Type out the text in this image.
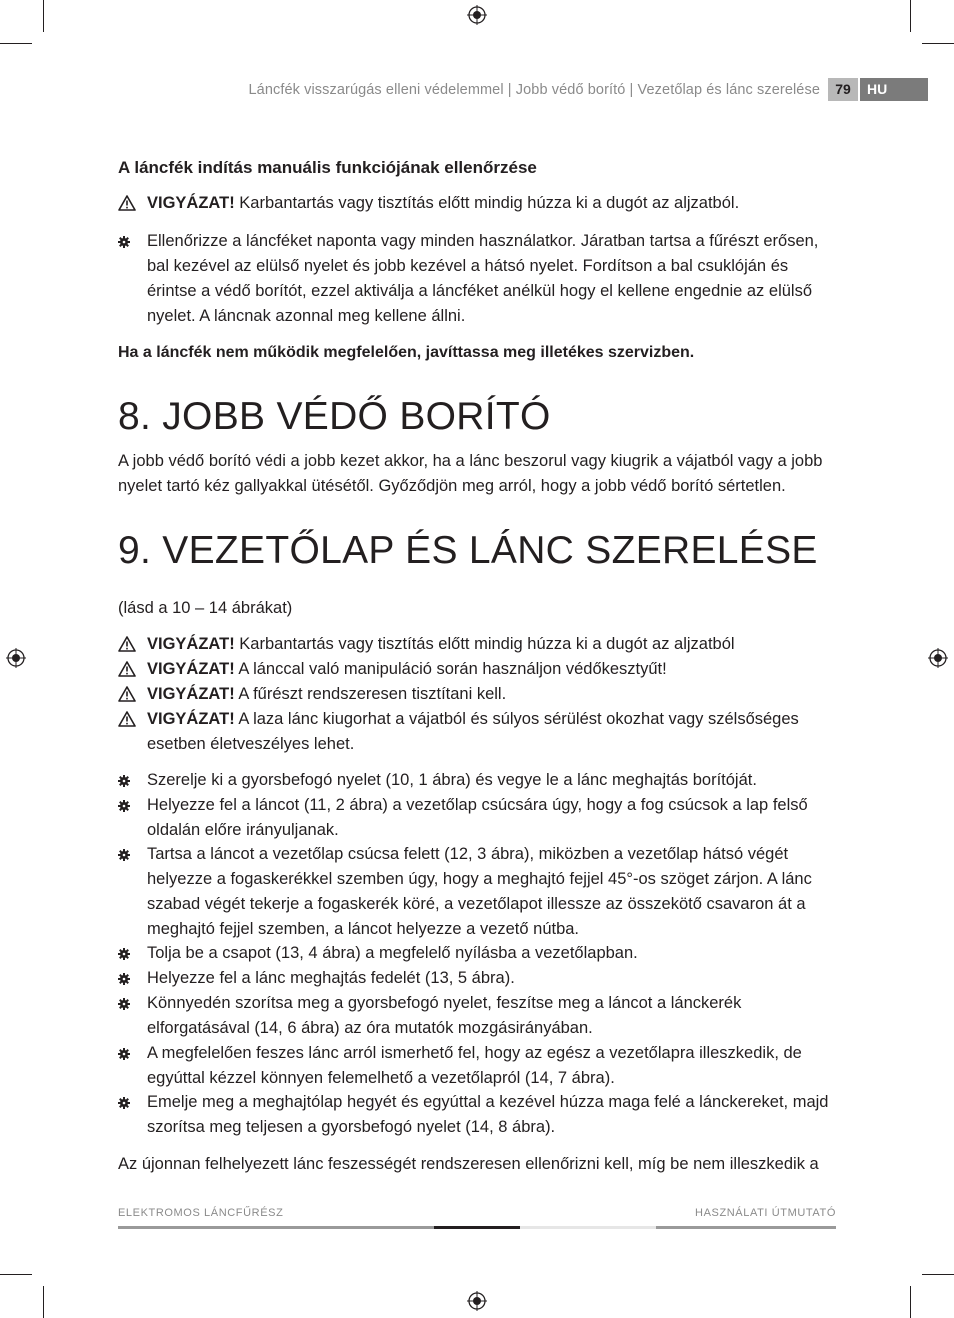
Láncfék visszarúgás elleni védelemmel | Jobb védő borító | Vezetőlap és lánc szerelése	79	HU
A láncfék indítás manuális funkciójának ellenőrzése
VIGYÁZAT! Karbantartás vagy tisztítás előtt mindig húzza ki a dugót az aljzatból.
Ellenőrizze a láncféket naponta vagy minden használatkor. Járatban tartsa a fűrészt erősen, bal kezével az elülső nyelet és jobb kezével a hátsó nyelet. Fordítson a bal csuklóján és érintse a védő borítót, ezzel aktiválja a láncféket anélkül hogy el kellene engednie az elülső nyelet. A láncnak azonnal meg kellene állni.
Ha a láncfék nem működik megfelelően, javíttassa meg illetékes szervizben.
8. JOBB VÉDŐ BORÍTÓ
A jobb védő borító védi a jobb kezet akkor, ha a lánc beszorul vagy kiugrik a vájatból vagy a jobb nyelet tartó kéz gallyakkal ütésétől. Győződjön meg arról, hogy a jobb védő borító sértetlen.
9. VEZETŐLAP ÉS LÁNC SZERELÉSE
(lásd a 10 – 14 ábrákat)
VIGYÁZAT! Karbantartás vagy tisztítás előtt mindig húzza ki a dugót az aljzatból
VIGYÁZAT! A lánccal való manipuláció során használjon védőkesztyűt!
VIGYÁZAT! A fűrészt rendszeresen tisztítani kell.
VIGYÁZAT! A laza lánc kiugorhat a vájatból és súlyos sérülést okozhat vagy szélsőséges esetben életveszélyes lehet.
Szerelje ki a gyorsbefogó nyelet (10, 1 ábra) és vegye le a lánc meghajtás borítóját.
Helyezze fel a láncot (11, 2 ábra) a vezetőlap csúcsára úgy, hogy a fog csúcsok a lap felső oldalán előre irányuljanak.
Tartsa a láncot a vezetőlap csúcsa felett (12, 3 ábra), miközben a vezetőlap hátsó végét helyezze a fogaskerékkel szemben úgy, hogy a meghajtó fejjel 45°-os szöget zárjon. A lánc szabad végét tekerje a fogaskerék köré, a vezetőlapot illessze az összekötő csavaron át a meghajtó fejjel szemben, a láncot helyezze a vezető nútba.
Tolja be a csapot (13, 4 ábra) a megfelelő nyílásba a vezetőlapban.
Helyezze fel a lánc meghajtás fedelét (13, 5 ábra).
Könnyedén szorítsa meg a gyorsbefogó nyelet, feszítse meg a láncot a lánckerék elforgatásával (14, 6 ábra) az óra mutatók mozgásirányában.
A megfelelően feszes lánc arról ismerhető fel, hogy az egész a vezetőlapra illeszkedik, de egyúttal kézzel könnyen felemelhető a vezetőlapról (14, 7 ábra).
Emelje meg a meghajtólap hegyét és egyúttal a kezével húzza maga felé a lánckereket, majd szorítsa meg teljesen a gyorsbefogó nyelet (14, 8 ábra).
Az újonnan felhelyezett lánc feszességét rendszeresen ellenőrizni kell, míg be nem illeszkedik a
ELEKTROMOS LÁNCFŰRÉSZ	HASZNÁLATI ÚTMUTATÓ
